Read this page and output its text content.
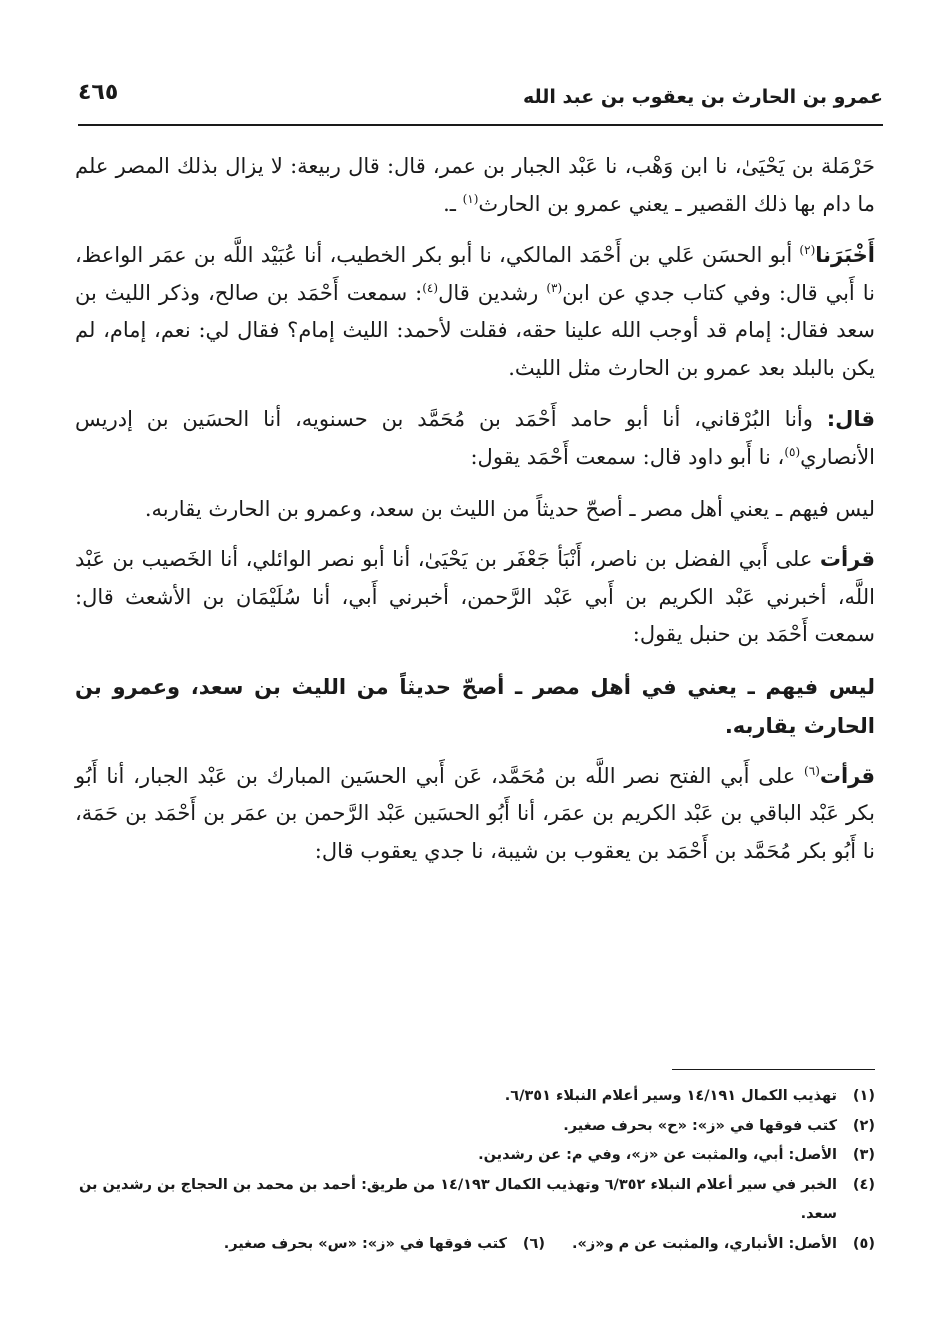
عمرو بن الحارث بن يعقوب بن عبد الله
٤٦٥

حَرْمَلة بن يَحْيَىٰ، نا ابن وَهْب، نا عَبْد الجبار بن عمر، قال: قال ربيعة: لا يزال بذلك المصر علم ما دام بها ذلك القصير ـ يعني عمرو بن الحارث$^{(١)}$ ـ.

أَخْبَرَنا$^{(٢)}$ أبو الحسَن عَلي بن أَحْمَد المالكي، نا أبو بكر الخطيب، أنا عُبَيْد اللَّه بن عمَر الواعظ، نا أَبي قال: وفي كتاب جدي عن ابن$^{(٣)}$ رشدين قال$^{(٤)}$: سمعت أَحْمَد بن صالح، وذكر الليث بن سعد فقال: إمام قد أوجب الله علينا حقه، فقلت لأحمد: الليث إمام؟ فقال لي: نعم، إمام، لم يكن بالبلد بعد عمرو بن الحارث مثل الليث.

قال: وأنا البُرْقاني، أنا أبو حامد أَحْمَد بن مُحَمَّد بن حسنويه، أنا الحسَين بن إدريس الأنصاري$^{(٥)}$، نا أَبو داود قال: سمعت أَحْمَد يقول:

ليس فيهم ـ يعني أهل مصر ـ أصحّ حديثاً من الليث بن سعد، وعمرو بن الحارث يقاربه.

قرأت على أَبي الفضل بن ناصر، أَنْبَأ جَعْفَر بن يَحْيَىٰ، أنا أبو نصر الوائلي، أنا الخَصيب بن عَبْد اللَّه، أخبرني عَبْد الكريم بن أَبي عَبْد الرَّحمن، أخبرني أَبي، أنا سُلَيْمَان بن الأشعث قال: سمعت أَحْمَد بن حنبل يقول:

ليس فيهم ـ يعني في أهل مصر ـ أصحّ حديثاً من الليث بن سعد، وعمرو بن الحارث يقاربه.

قرأت$^{(٦)}$ على أَبي الفتح نصر اللَّه بن مُحَمَّد، عَن أَبي الحسَين المبارك بن عَبْد الجبار، أنا أَبُو بكر عَبْد الباقي بن عَبْد الكريم بن عمَر، أنا أَبُو الحسَين عَبْد الرَّحمن بن عمَر بن أَحْمَد بن حَمَة، نا أَبُو بكر مُحَمَّد بن أَحْمَد بن يعقوب بن شيبة، نا جدي يعقوب قال:

(١)
تهذيب الكمال ١٤/١٩١ وسير أعلام النبلاء ٦/٣٥١.
(٢)
كتب فوقها في «ز»: «ح» بحرف صغير.
(٣)
الأصل: أبي، والمثبت عن «ز»، وفي م: عن رشدين.
(٤)
الخبر في سير أعلام النبلاء ٦/٣٥٢ وتهذيب الكمال ١٤/١٩٣ من طريق: أحمد بن محمد بن الحجاج بن رشدين بن سعد.
(٥)
الأصل: الأنباري، والمثبت عن م و«ز».
(٦)
كتب فوقها في «ز»: «س» بحرف صغير.
